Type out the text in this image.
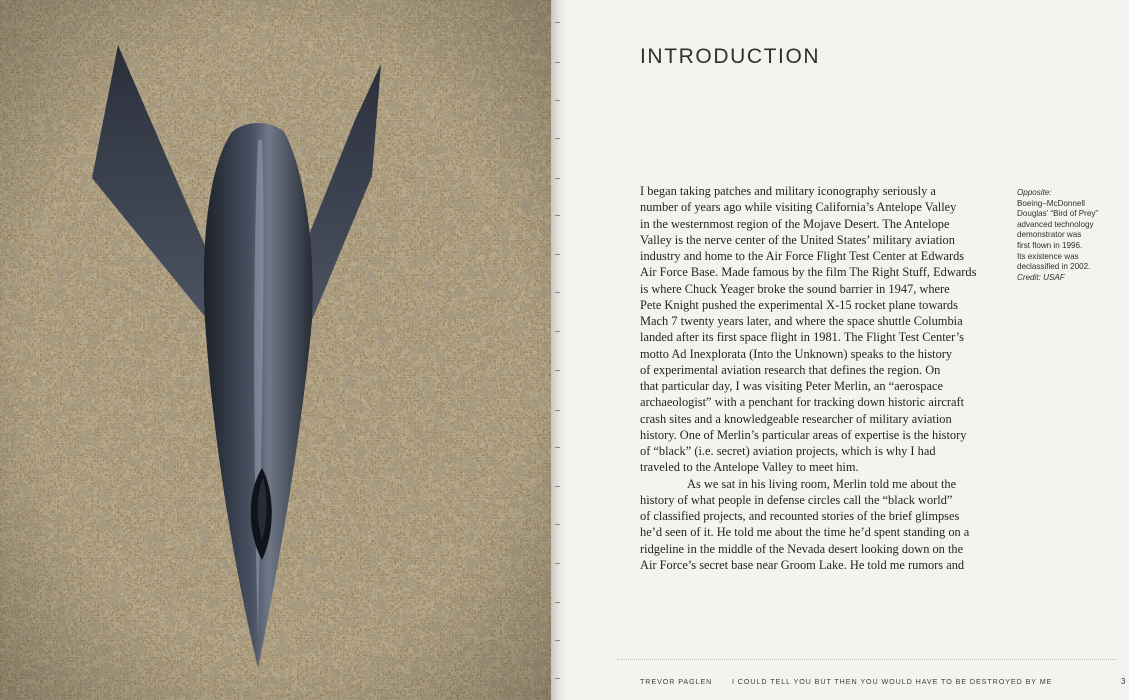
INTRODUCTION
I began taking patches and military iconography seriously a
number of years ago while visiting California’s Antelope Valley
in the westernmost region of the Mojave Desert. The Antelope
Valley is the nerve center of the United States’ military aviation
industry and home to the Air Force Flight Test Center at Edwards
Air Force Base. Made famous by the film The Right Stuff, Edwards
is where Chuck Yeager broke the sound barrier in 1947, where
Pete Knight pushed the experimental X-15 rocket plane towards
Mach 7 twenty years later, and where the space shuttle Columbia
landed after its first space flight in 1981. The Flight Test Center’s
motto Ad Inexplorata (Into the Unknown) speaks to the history
of experimental aviation research that defines the region. On
that particular day, I was visiting Peter Merlin, an “aerospace
archaeologist” with a penchant for tracking down historic aircraft
crash sites and a knowledgeable researcher of military aviation
history. One of Merlin’s particular areas of expertise is the history
of “black” (i.e. secret) aviation projects, which is why I had
traveled to the Antelope Valley to meet him.
As we sat in his living room, Merlin told me about the
history of what people in defense circles call the “black world”
of classified projects, and recounted stories of the brief glimpses
he’d seen of it. He told me about the time he’d spent standing on a
ridgeline in the middle of the Nevada desert looking down on the
Air Force’s secret base near Groom Lake. He told me rumors and
Opposite:
Boeing–McDonnell
Douglas’ “Bird of Prey”
advanced technology
demonstrator was
first flown in 1996.
Its existence was
declassified in 2002.
Credit: USAF
TREVOR PAGLEN	I COULD TELL YOU BUT THEN YOU WOULD HAVE TO BE DESTROYED BY ME	3
